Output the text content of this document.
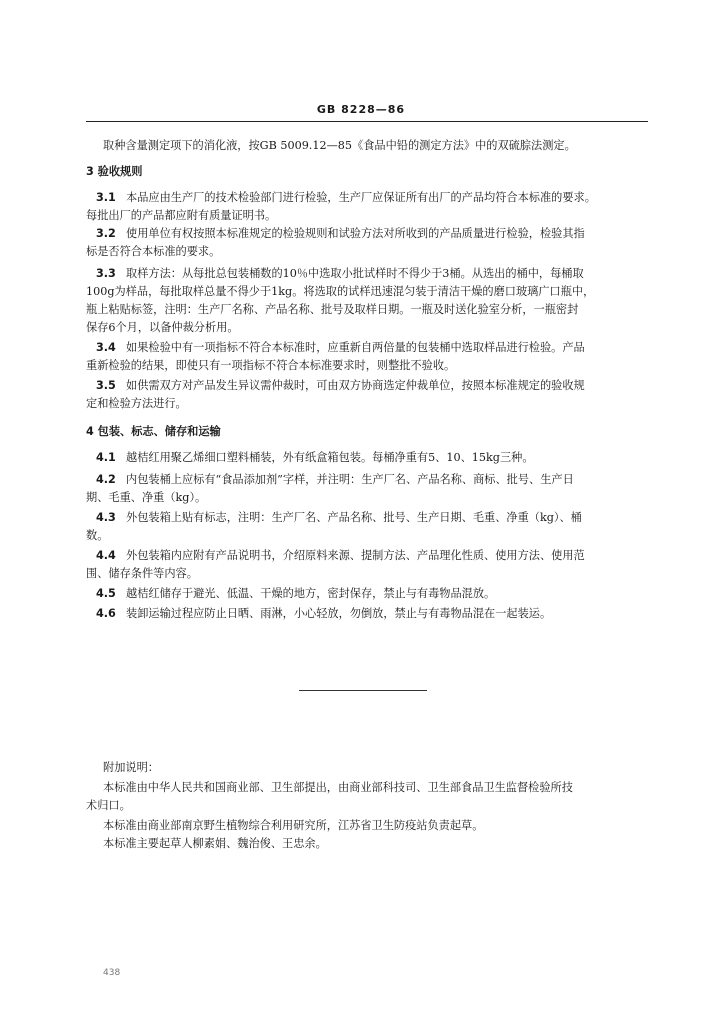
GB 8228—86
取种含量测定项下的消化液，按GB 5009.12—85《食品中铅的测定方法》中的双硫腙法测定。
3 验收规则
3.1 本品应由生产厂的技术检验部门进行检验，生产厂应保证所有出厂的产品均符合本标准的要求。
每批出厂的产品都应附有质量证明书。
3.2 使用单位有权按照本标准规定的检验规则和试验方法对所收到的产品质量进行检验，检验其指
标是否符合本标准的要求。
3.3 取样方法：从每批总包装桶数的10％中选取小批试样时不得少于3桶。从选出的桶中，每桶取
100g为样品，每批取样总量不得少于1kg。将选取的试样迅速混匀装于清洁干燥的磨口玻璃广口瓶中，
瓶上粘贴标签，注明：生产厂名称、产品名称、批号及取样日期。一瓶及时送化验室分析，一瓶密封
保存6个月，以备仲裁分析用。
3.4 如果检验中有一项指标不符合本标准时，应重新自两倍量的包装桶中选取样品进行检验。产品
重新检验的结果，即使只有一项指标不符合本标准要求时，则整批不验收。
3.5 如供需双方对产品发生异议需仲裁时，可由双方协商选定仲裁单位，按照本标准规定的验收规
定和检验方法进行。
4 包装、标志、储存和运输
4.1 越桔红用聚乙烯细口塑料桶装，外有纸盒箱包装。每桶净重有5、10、15kg三种。
4.2 内包装桶上应标有“食品添加剂”字样，并注明：生产厂名、产品名称、商标、批号、生产日
期、毛重、净重（kg）。
4.3 外包装箱上贴有标志，注明：生产厂名、产品名称、批号、生产日期、毛重、净重（kg）、桶
数。
4.4 外包装箱内应附有产品说明书，介绍原料来源、提制方法、产品理化性质、使用方法、使用范
围、储存条件等内容。
4.5 越桔红储存于避光、低温、干燥的地方，密封保存，禁止与有毒物品混放。
4.6 装卸运输过程应防止日晒、雨淋，小心轻放，勿倒放，禁止与有毒物品混在一起装运。
附加说明：
本标准由中华人民共和国商业部、卫生部提出，由商业部科技司、卫生部食品卫生监督检验所技
术归口。
本标准由商业部南京野生植物综合利用研究所，江苏省卫生防疫站负责起草。
本标准主要起草人柳素娟、魏治俊、王忠余。
438
